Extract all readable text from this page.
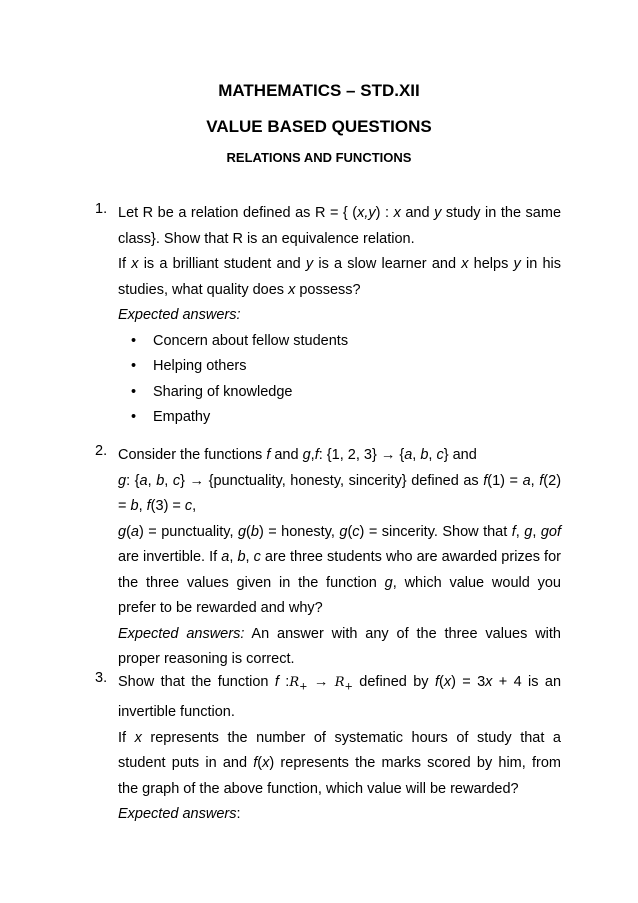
MATHEMATICS – STD.XII
VALUE BASED QUESTIONS
RELATIONS AND FUNCTIONS
1. Let R be a relation defined as R = { (x,y) : x and y study in the same class}. Show that R is an equivalence relation.

If x is a brilliant student and y is a slow learner and x helps y in his studies, what quality does x possess?

Expected answers:

• Concern about fellow students
• Helping others
• Sharing of knowledge
• Empathy
2. Consider the functions f and g,f: {1, 2, 3} → {a, b, c} and

g: {a, b, c} → {punctuality, honesty, sincerity} defined as f(1) = a, f(2) = b, f(3) = c,

g(a) = punctuality, g(b) = honesty, g(c) = sincerity. Show that f, g, gof are invertible. If a, b, c are three students who are awarded prizes for the three values given in the function g, which value would you prefer to be rewarded and why?

Expected answers: An answer with any of the three values with proper reasoning is correct.

3. Show that the function f $:R_+ \to R_+$ defined by f(x) = 3x + 4 is an invertible function.

If x represents the number of systematic hours of study that a student puts in and f(x) represents the marks scored by him, from the graph of the above function, which value will be rewarded?

Expected answers:
